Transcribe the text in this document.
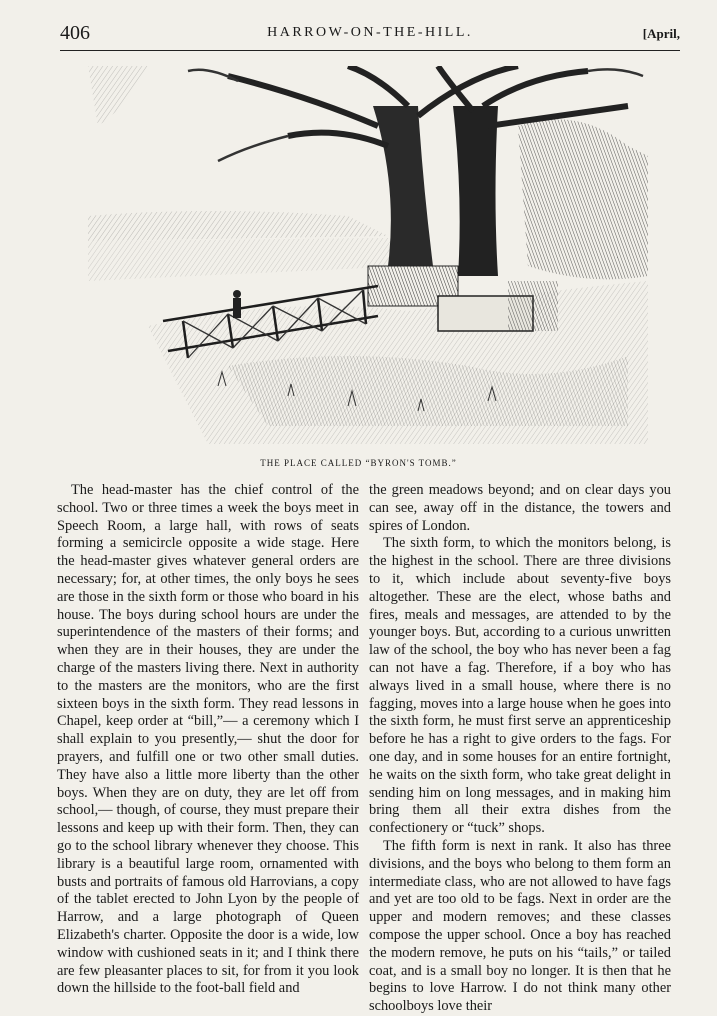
406	HARROW-ON-THE-HILL.	[April,
THE PLACE CALLED “BYRON'S TOMB.”

The head-master has the chief control of the school. Two or three times a week the boys meet in Speech Room, a large hall, with rows of seats forming a semicircle opposite a wide stage. Here the head-master gives whatever general orders are necessary; for, at other times, the only boys he sees are those in the sixth form or those who board in his house. The boys during school hours are under the superintendence of the masters of their forms; and when they are in their houses, they are under the charge of the masters living there. Next in authority to the masters are the monitors, who are the first sixteen boys in the sixth form. They read lessons in Chapel, keep order at “bill,”— a ceremony which I shall explain to you presently,— shut the door for prayers, and fulfill one or two other small duties. They have also a little more liberty than the other boys. When they are on duty, they are let off from school,— though, of course, they must prepare their lessons and keep up with their form. Then, they can go to the school library whenever they choose. This library is a beautiful large room, ornamented with busts and portraits of famous old Harrovians, a copy of the tablet erected to John Lyon by the people of Harrow, and a large photograph of Queen Elizabeth's charter. Opposite the door is a wide, low window with cushioned seats in it; and I think there are few pleasanter places to sit, for from it you look down the hillside to the foot-ball field and

the green meadows beyond; and on clear days you can see, away off in the distance, the towers and spires of London.

The sixth form, to which the monitors belong, is the highest in the school. There are three divisions to it, which include about seventy-five boys altogether. These are the elect, whose baths and fires, meals and messages, are attended to by the younger boys. But, according to a curious unwritten law of the school, the boy who has never been a fag can not have a fag. Therefore, if a boy who has always lived in a small house, where there is no fagging, moves into a large house when he goes into the sixth form, he must first serve an apprenticeship before he has a right to give orders to the fags. For one day, and in some houses for an entire fortnight, he waits on the sixth form, who take great delight in sending him on long messages, and in making him bring them all their extra dishes from the confectionery or “tuck” shops.

The fifth form is next in rank. It also has three divisions, and the boys who belong to them form an intermediate class, who are not allowed to have fags and yet are too old to be fags. Next in order are the upper and modern removes; and these classes compose the upper school. Once a boy has reached the modern remove, he puts on his “tails,” or tailed coat, and is a small boy no longer. It is then that he begins to love Harrow. I do not think many other schoolboys love their
